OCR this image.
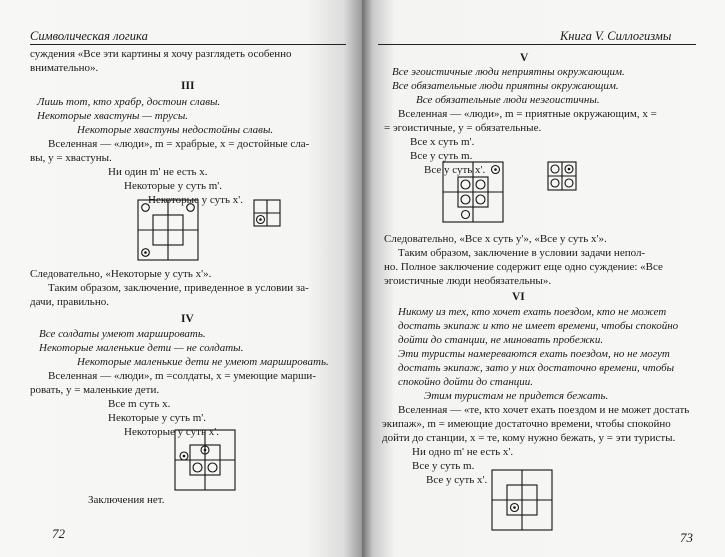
Символическая логика
суждения «Все эти картины я хочу разглядеть особенно
внимательно».
III
Лишь тот, кто храбр, достоин славы.
Некоторые хвастуны — трусы.
Некоторые хвастуны недостойны славы.
Вселенная — «люди», m = храбрые, x = достойные сла-
вы, y = хвастуны.
Ни один m' не есть x.
Некоторые y суть m'.
Некоторые y суть x'.
Следовательно, «Некоторые y суть x'».
Таким образом, заключение, приведенное в условии за-
дачи, правильно.
IV
Все солдаты умеют маршировать.
Некоторые маленькие дети — не солдаты.
Некоторые маленькие дети не умеют маршировать.
Вселенная — «люди», m =солдаты, x = умеющие марши-
ровать, y = маленькие дети.
Все m суть x.
Некоторые y суть m'.
Некоторые y суть x'.
Заключения нет.
72
Книга V. Силлогизмы
V
Все эгоистичные люди неприятны окружающим.
Все обязательные люди приятны окружающим.
Все обязательные люди неэгоистичны.
Вселенная — «люди», m = приятные окружающим, x =
= эгоистичные, y = обязательные.
Все x суть m'.
Все y суть m.
Все y суть x'.
Следовательно, «Все x суть y'», «Все y суть x'».
Таким образом, заключение в условии задачи непол-
но. Полное заключение содержит еще одно суждение: «Все
эгоистичные люди необязательны».
VI
Никому из тех, кто хочет ехать поездом, кто не может
достать экипаж и кто не имеет времени, чтобы спокойно
дойти до станции, не миновать пробежки.
Эти туристы намереваются ехать поездом, но не могут
достать экипаж, зато у них достаточно времени, чтобы
спокойно дойти до станции.
Этим туристам не придется бежать.
Вселенная — «те, кто хочет ехать поездом и не может достать
экипаж», m = имеющие достаточно времени, чтобы спокойно
дойти до станции, x = те, кому нужно бежать, y = эти туристы.
Ни одно m' не есть x'.
Все y суть m.
Все y суть x'.
73
